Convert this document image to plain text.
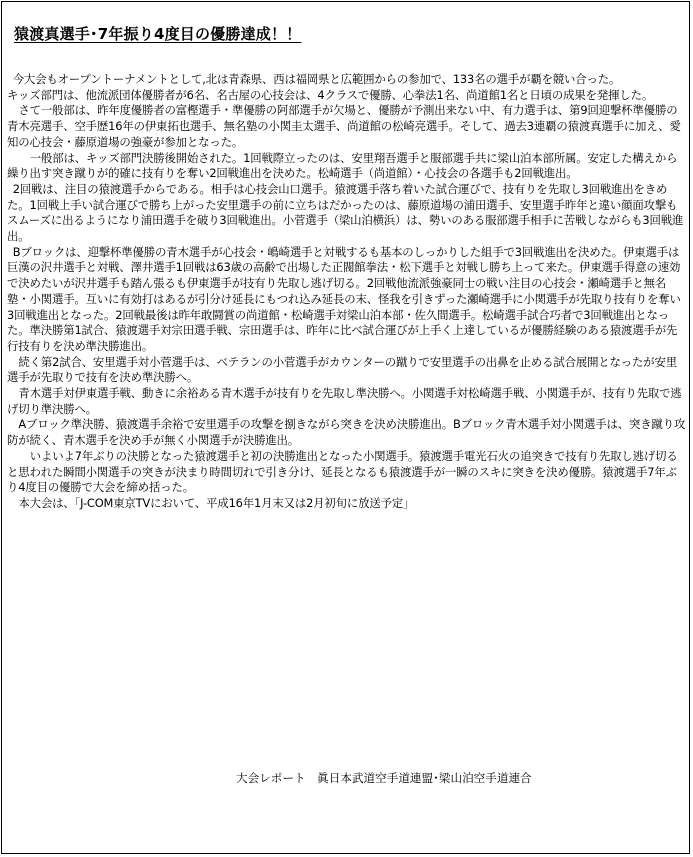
猿渡真選手･7年振り4度目の優勝達成！！

今大会もオープントーナメントとして,北は青森県、西は福岡県と広範囲からの参加で、133名の選手が覇を競い合った。

キッズ部門は、他流派団体優勝者が6名、名古屋の心技会は、4クラスで優勝、心拳法1名、尚道館1名と日頃の成果を発揮した。

さて一般部は、昨年度優勝者の富樫選手・準優勝の阿部選手が欠場と、優勝が予測出来ない中、有力選手は、第9回迎撃杯準優勝の青木亮選手、空手歴16年の伊東拓也選手、無名塾の小関圭太選手、尚道館の松崎亮選手。そして、過去3連覇の猿渡真選手に加え、愛知の心技会・藤原道場の強豪が参加となった。

一般部は、キッズ部門決勝後開始された。1回戦際立ったのは、安里翔吾選手と服部選手共に梁山泊本部所属。安定した構えから繰り出す突き蹴りが的確に技有りを奪い2回戦進出を決めた。松崎選手（尚道館）・心技会の各選手も2回戦進出。

2回戦は、注目の猿渡選手からである。相手は心技会山口選手。猿渡選手落ち着いた試合運びで、技有りを先取し3回戦進出をきめた。1回戦上手い試合運びで勝ち上がった安里選手の前に立ちはだかったのは、藤原道場の浦田選手、安里選手昨年と違い顔面攻撃もスムーズに出るようになり浦田選手を破り3回戦進出。小菅選手（梁山泊横浜）は、勢いのある服部選手相手に苦戦しながらも3回戦進出。

Bブロックは、迎撃杯準優勝の青木選手が心技会・嶋崎選手と対戦するも基本のしっかりした組手で3回戦進出を決めた。伊東選手は巨漢の沢井選手と対戦、澤井選手1回戦は63歳の高齢で出場した正閥館拳法・松下選手と対戦し勝ち上って来た。伊東選手得意の速効で決めたいが沢井選手も踏ん張るも伊東選手が技有り先取し逃げ切る。2回戦他流派強豪同士の戦い注目の心技会・瀬崎選手と無名塾・小関選手。互いに有効打はあるが引分け延長にもつれ込み延長の末、怪我を引きずった瀬崎選手に小関選手が先取り技有りを奪い3回戦進出となった。2回戦最後は昨年敢闘賞の尚道館・松崎選手対梁山泊本部・佐久間選手。松崎選手試合巧者で3回戦進出となった。準決勝第1試合、猿渡選手対宗田選手戦、宗田選手は、昨年に比べ試合運びが上手く上達しているが優勝経験のある猿渡選手が先行技有りを決め準決勝進出。

続く第2試合、安里選手対小菅選手は、ベテランの小菅選手がカウンターの蹴りで安里選手の出鼻を止める試合展開となったが安里選手が先取りで技有を決め準決勝へ。

青木選手対伊東選手戦、動きに余裕ある青木選手が技有りを先取し準決勝へ。小関選手対松崎選手戦、小関選手が、技有り先取で逃げ切り準決勝へ。

Aブロック準決勝、猿渡選手余裕で安里選手の攻撃を捌きながら突きを決め決勝進出。Bブロック青木選手対小関選手は、突き蹴り攻防が続く、青木選手を決め手が無く小関選手が決勝進出。

いよいよ7年ぶりの決勝となった猿渡選手と初の決勝進出となった小関選手。猿渡選手電光石火の追突きで技有り先取し逃げ切ると思われた瞬間小関選手の突きが決まり時間切れで引き分け、延長となるも猿渡選手が一瞬のスキに突きを決め優勝。猿渡選手7年ぶり4度目の優勝で大会を締め括った。

本大会は、「J-COM東京TVにおいて、平成16年1月末又は2月初旬に放送予定」

大会レポート　眞日本武道空手道連盟･梁山泊空手道連合
